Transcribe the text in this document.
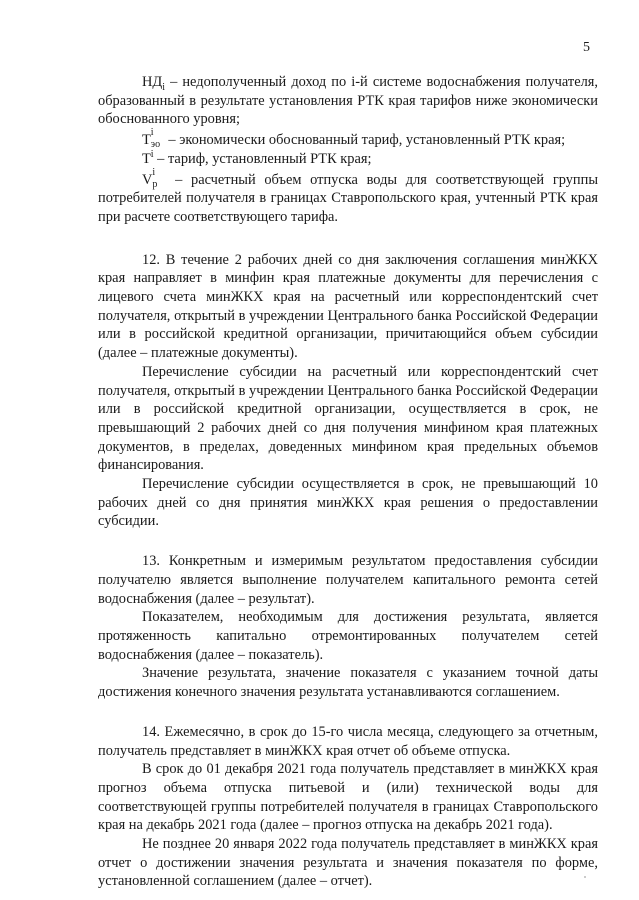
5

$НД_i$ – недополученный доход по i-й системе водоснабжения получателя, образованный в результате установления РТК края тарифов ниже экономически обоснованного уровня;

Т i
эо – экономически обоснованный тариф, установленный РТК края;

$Т^i$ – тариф, установленный РТК края;

V i
р – расчетный объем отпуска воды для соответствующей группы потребителей получателя в границах Ставропольского края, учтенный РТК края при расчете соответствующего тарифа.

12. В течение 2 рабочих дней со дня заключения соглашения минЖКХ края направляет в минфин края платежные документы для перечисления с лицевого счета минЖКХ края на расчетный или корреспондентский счет получателя, открытый в учреждении Центрального банка Российской Федерации или в российской кредитной организации, причитающийся объем субсидии (далее – платежные документы).

Перечисление субсидии на расчетный или корреспондентский счет получателя, открытый в учреждении Центрального банка Российской Федерации или в российской кредитной организации, осуществляется в срок, не превышающий 2 рабочих дней со дня получения минфином края платежных документов, в пределах, доведенных минфином края предельных объемов финансирования.

Перечисление субсидии осуществляется в срок, не превышающий 10 рабочих дней со дня принятия минЖКХ края решения о предоставлении субсидии.

13. Конкретным и измеримым результатом предоставления субсидии получателю является выполнение получателем капитального ремонта сетей водоснабжения (далее – результат).

Показателем, необходимым для достижения результата, является протяженность капитально отремонтированных получателем сетей водоснабжения (далее – показатель).

Значение результата, значение показателя с указанием точной даты достижения конечного значения результата устанавливаются соглашением.

14. Ежемесячно, в срок до 15-го числа месяца, следующего за отчетным, получатель представляет в минЖКХ края отчет об объеме отпуска.

В срок до 01 декабря 2021 года получатель представляет в минЖКХ края прогноз объема отпуска питьевой и (или) технической воды для соответствующей группы потребителей получателя в границах Ставропольского края на декабрь 2021 года (далее – прогноз отпуска на декабрь 2021 года).

Не позднее 20 января 2022 года получатель представляет в минЖКХ края отчет о достижении значения результата и значения показателя по форме, установленной соглашением (далее – отчет).
